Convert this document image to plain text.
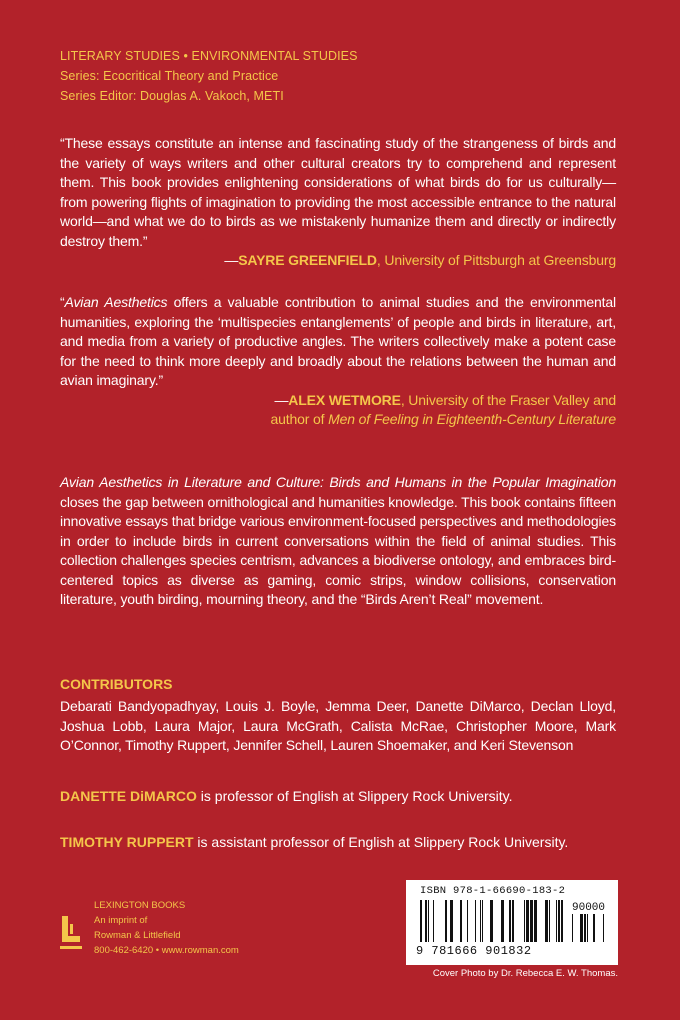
LITERARY STUDIES • ENVIRONMENTAL STUDIES
Series: Ecocritical Theory and Practice
Series Editor: Douglas A. Vakoch, METI
“These essays constitute an intense and fascinating study of the strangeness of birds and the variety of ways writers and other cultural creators try to comprehend and represent them. This book provides enlightening considerations of what birds do for us culturally—from powering flights of imagination to providing the most accessible entrance to the natural world—and what we do to birds as we mistakenly humanize them and directly or indirectly destroy them.”
—SAYRE GREENFIELD, University of Pittsburgh at Greensburg
“Avian Aesthetics offers a valuable contribution to animal studies and the environmental humanities, exploring the ‘multispecies entanglements’ of people and birds in literature, art, and media from a variety of productive angles. The writers collectively make a potent case for the need to think more deeply and broadly about the relations between the human and avian imaginary.”
—ALEX WETMORE, University of the Fraser Valley and
author of Men of Feeling in Eighteenth-Century Literature
Avian Aesthetics in Literature and Culture: Birds and Humans in the Popular Imagination closes the gap between ornithological and humanities knowledge. This book contains fifteen innovative essays that bridge various environment-focused perspectives and methodologies in order to include birds in current conversations within the field of animal studies. This collection challenges species centrism, advances a biodiverse ontology, and embraces bird-centered topics as diverse as gaming, comic strips, window collisions, conservation literature, youth birding, mourning theory, and the “Birds Aren’t Real” movement.
CONTRIBUTORS
Debarati Bandyopadhyay, Louis J. Boyle, Jemma Deer, Danette DiMarco, Declan Lloyd, Joshua Lobb, Laura Major, Laura McGrath, Calista McRae, Christopher Moore, Mark O’Connor, Timothy Ruppert, Jennifer Schell, Lauren Shoemaker, and Keri Stevenson
DANETTE DiMARCO is professor of English at Slippery Rock University.
TIMOTHY RUPPERT is assistant professor of English at Slippery Rock University.
LEXINGTON BOOKS
An imprint of
Rowman & Littlefield
800-462-6420 • www.rowman.com
ISBN 978-1-66690-183-2
90000
9 781666 901832
Cover Photo by Dr. Rebecca E. W. Thomas.
